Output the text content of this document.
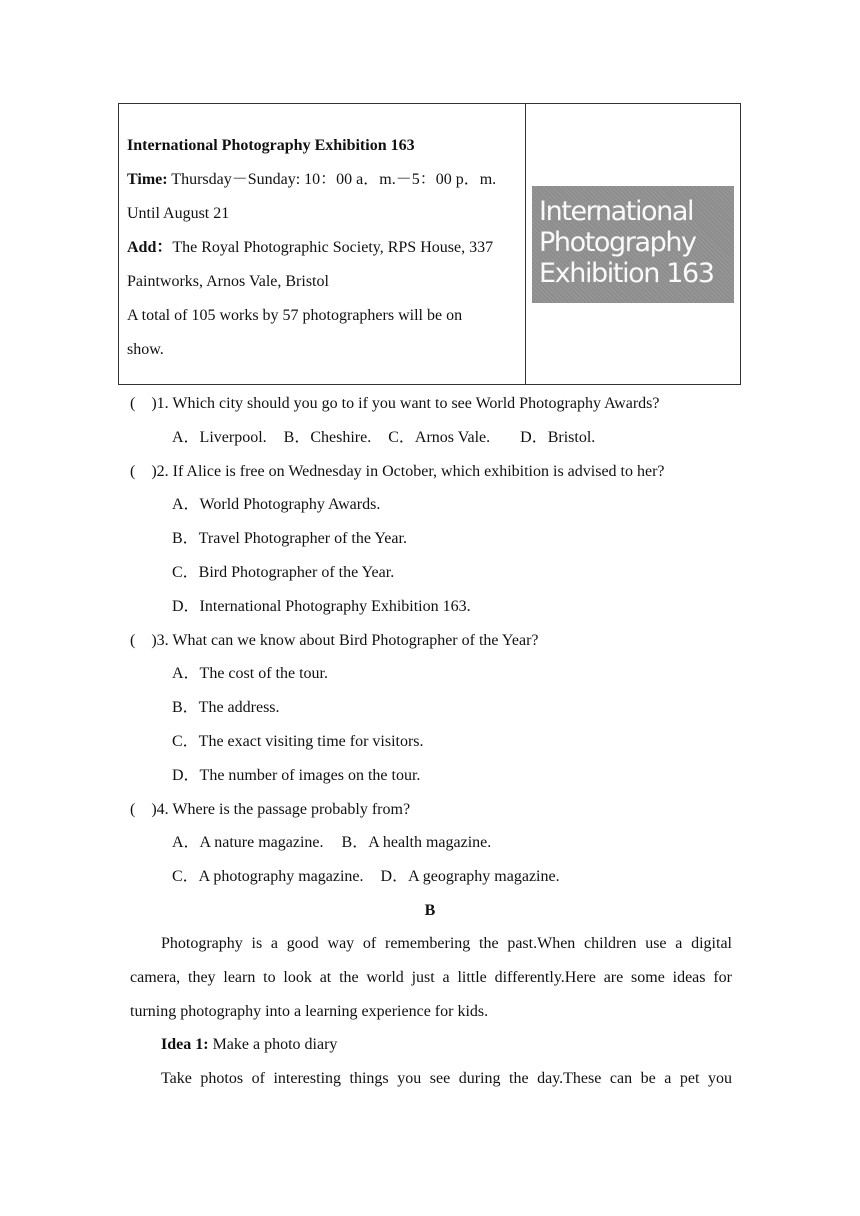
International Photography Exhibition 163
Time: Thursday－Sunday: 10：00 a．m.－5：00 p．m.
Until August 21
Add：The Royal Photographic Society, RPS House, 337
Paintworks, Arnos Vale, Bristol
A total of 105 works by 57 photographers will be on
show.
International
Photography
Exhibition 163
(　)1. Which city should you go to if you want to see World Photography Awards?
A．Liverpool. B．Cheshire. C．Arnos Vale. D．Bristol.
(　)2. If Alice is free on Wednesday in October, which exhibition is advised to her?
A．World Photography Awards.
B．Travel Photographer of the Year.
C．Bird Photographer of the Year.
D．International Photography Exhibition 163.
(　)3. What can we know about Bird Photographer of the Year?
A．The cost of the tour.
B．The address.
C．The exact visiting time for visitors.
D．The number of images on the tour.
(　)4. Where is the passage probably from?
A．A nature magazine. B．A health magazine.
C．A photography magazine. D．A geography magazine.
B
Photography is a good way of remembering the past.When children use a digital
camera, they learn to look at the world just a little differently.Here are some ideas for
turning photography into a learning experience for kids.
Idea 1: Make a photo diary
Take photos of interesting things you see during the day.These can be a pet you
